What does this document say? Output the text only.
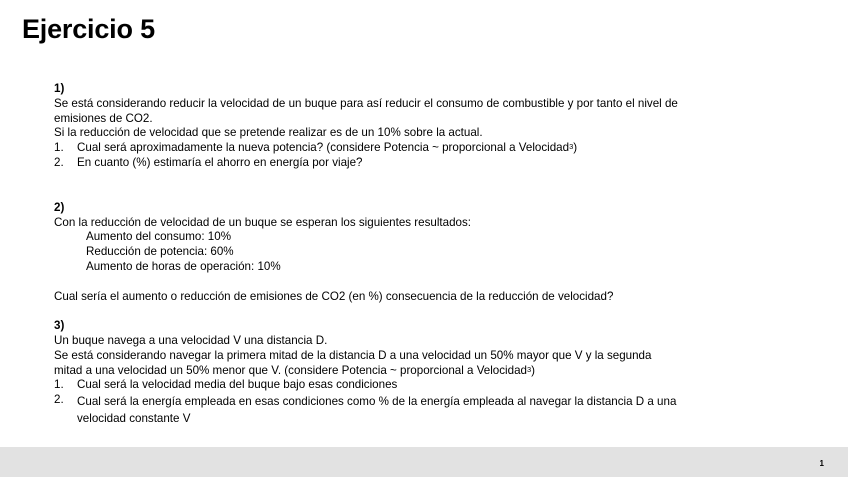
Ejercicio 5
1)
Se está considerando reducir la velocidad de un buque para así reducir el consumo de combustible y por tanto el nivel de
emisiones de CO2.
Si la reducción de velocidad que se pretende realizar es de un 10% sobre la actual.
1. Cual será aproximadamente la nueva potencia? (considere Potencia ~ proporcional a Velocidad$^3$)
2. En cuanto (%) estimaría el ahorro en energía por viaje?
2)
Con la reducción de velocidad de un buque se esperan los siguientes resultados:
Aumento del consumo: 10%
Reducción de potencia: 60%
Aumento de horas de operación: 10%
Cual sería el aumento o reducción de emisiones de CO2 (en %) consecuencia de la reducción de velocidad?
3)
Un buque navega a una velocidad V una distancia D.
Se está considerando navegar la primera mitad de la distancia D a una velocidad un 50% mayor que V y la segunda
mitad a una velocidad un 50% menor que V. (considere Potencia ~ proporcional a Velocidad$^3$)
1. Cual será la velocidad media del buque bajo esas condiciones
2. Cual será la energía empleada en esas condiciones como % de la energía empleada al navegar la distancia D a una velocidad constante V
1
